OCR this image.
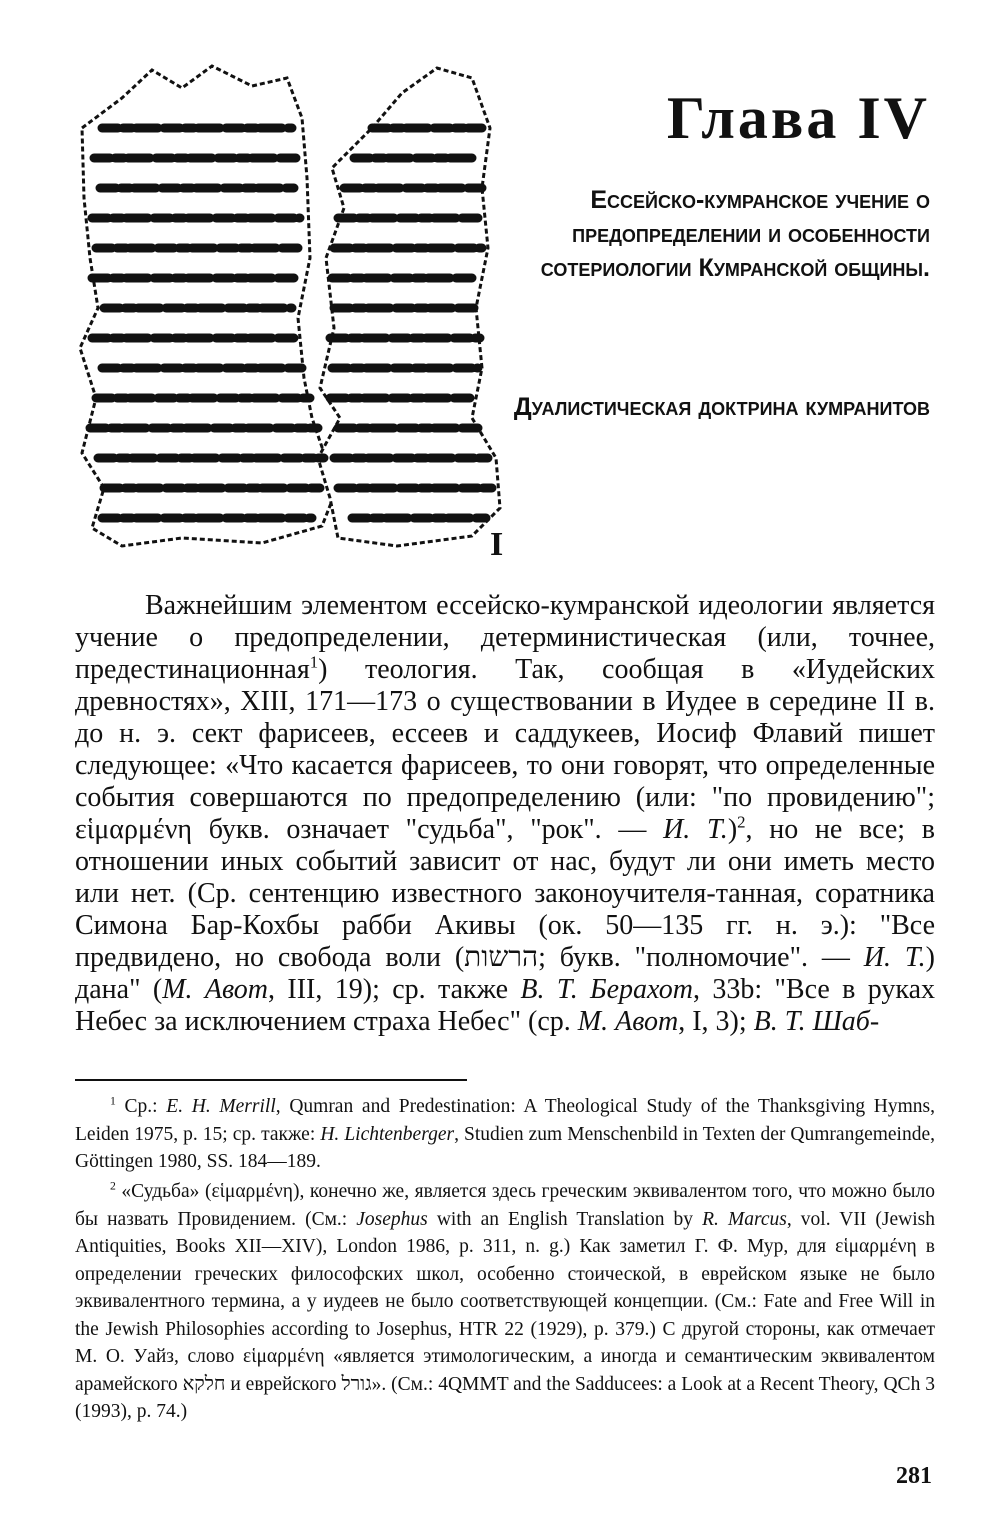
I
Глава IV
Ессейско-кумранское учение о предопределении и особенности сотериологии Кумранской общины.
Дуалистическая доктрина кумранитов

Важнейшим элементом ессейско-кумранской идеологии является учение о предопределении, детерминистическая (или, точнее, предестинационная$^1$) теология. Так, сообщая в «Иудейских древностях», XIII, 171—173 о существовании в Иудее в середине II в. до н. э. сект фарисеев, ессеев и саддукеев, Иосиф Флавий пишет следующее: «Что касается фарисеев, то они говорят, что определенные события совершаются по предопределению (или: "по провидению"; εἱμαρμένη букв. означает "судьба", "рок". — И. Т.)$^2$, но не все; в отношении иных событий зависит от нас, будут ли они иметь место или нет. (Ср. сентенцию известного законоучителя-танная, соратника Симона Бар-Кохбы рабби Акивы (ок. 50—135 гг. н. э.): "Все предвидено, но свобода воли (הרשות; букв. "полномочие". — И. Т.) дана" (М. Авот, III, 19); ср. также В. Т. Берахот, 33b: "Все в руках Небес за исключением страха Небес" (ср. М. Авот, I, 3); В. Т. Шаб-

$^1$ Ср.: E. H. Merrill, Qumran and Predestination: A Theological Study of the Thanksgiving Hymns, Leiden 1975, p. 15; ср. также: H. Lichtenberger, Studien zum Menschenbild in Texten der Qumrangemeinde, Göttingen 1980, SS. 184—189.

$^2$ «Судьба» (εἱμαρμένη), конечно же, является здесь греческим эквивалентом того, что можно было бы назвать Провидением. (См.: Josephus with an English Translation by R. Marcus, vol. VII (Jewish Antiquities, Books XII—XIV), London 1986, p. 311, n. g.) Как заметил Г. Ф. Мур, для εἱμαρμένη в определении греческих философских школ, особенно стоической, в еврейском языке не было эквивалентного термина, а у иудеев не было соответствующей концепции. (См.: Fate and Free Will in the Jewish Philosophies according to Josephus, HTR 22 (1929), p. 379.) С другой стороны, как отмечает М. О. Уайз, слово εἱμαρμένη «является этимологическим, а иногда и семантическим эквивалентом арамейского חלקא и еврейского גורל». (См.: 4QMMT and the Sadducees: a Look at a Recent Theory, QCh 3 (1993), p. 74.)

281
